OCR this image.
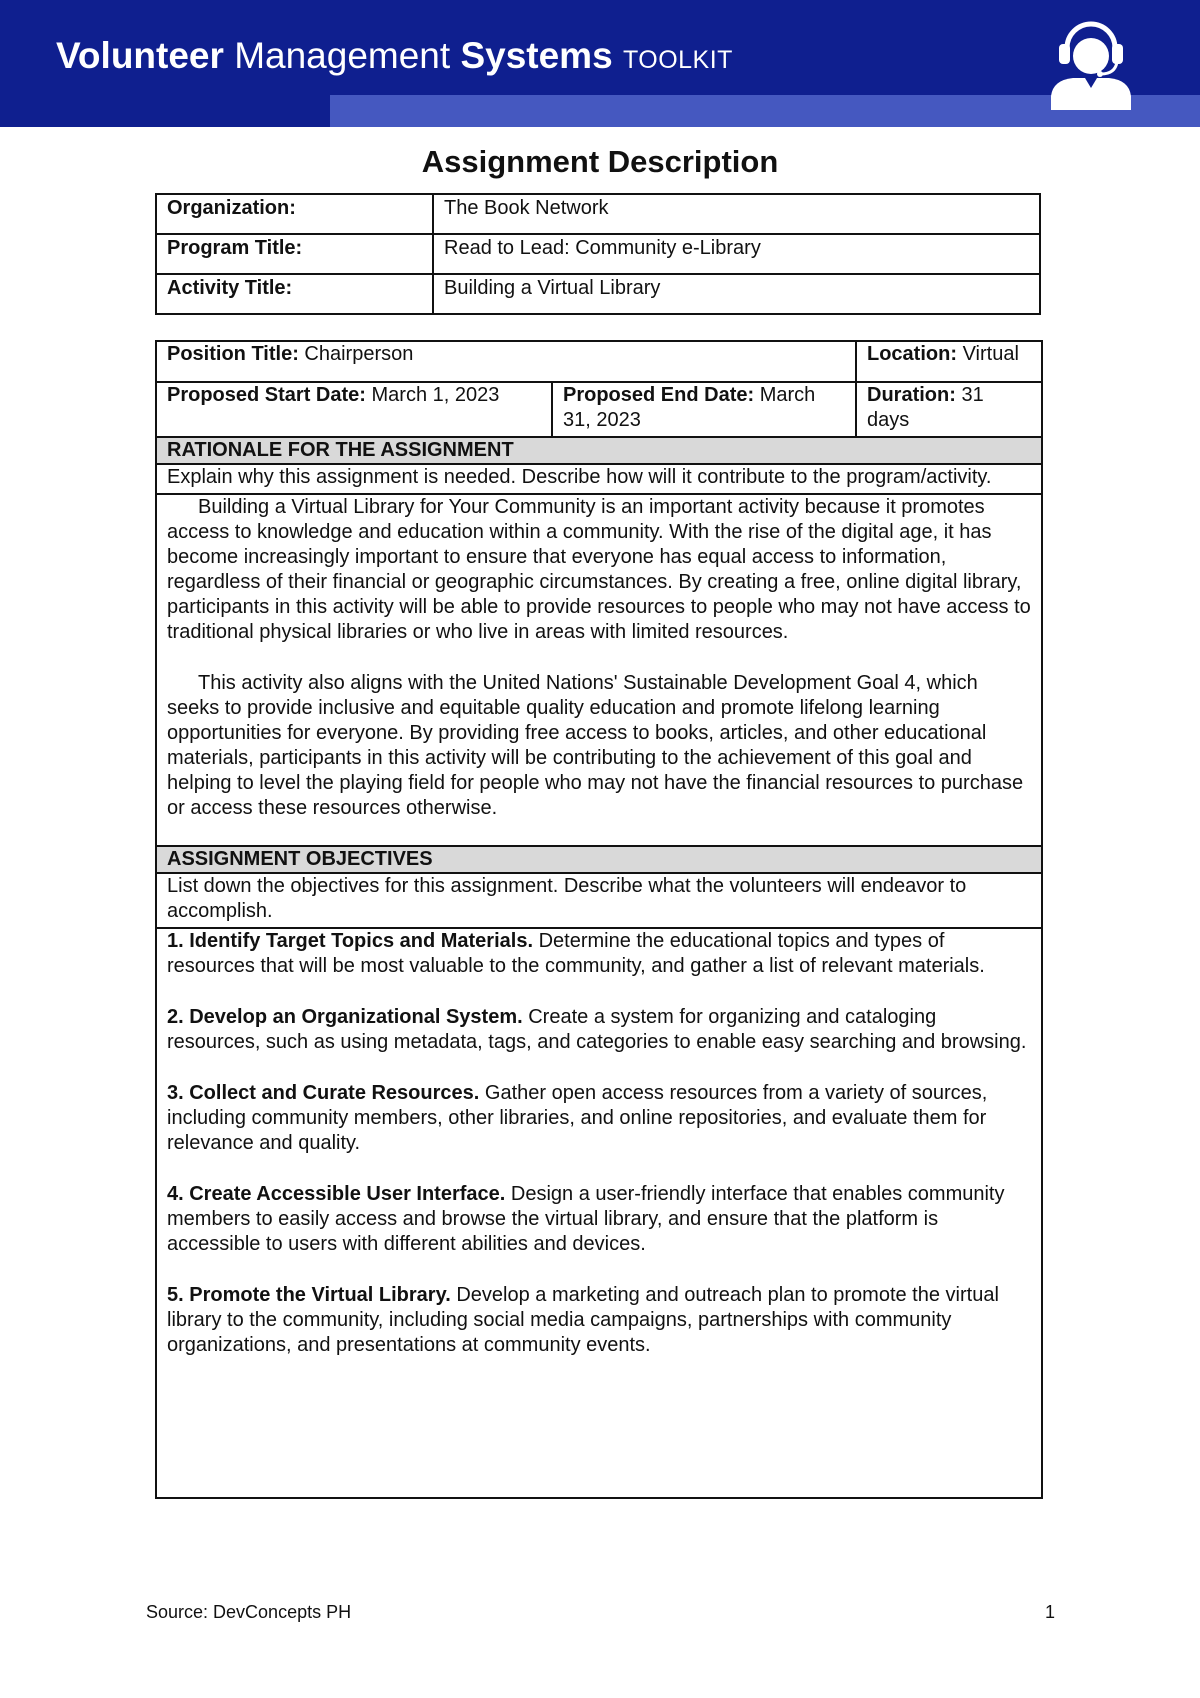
Volunteer Management Systems TOOLKIT
Assignment Description
Organization:	The Book Network
Program Title:	Read to Lead: Community e-Library
Activity Title:	Building a Virtual Library
Position Title: Chairperson		Location: Virtual
Proposed Start Date: March 1, 2023	Proposed End Date: March 31, 2023	Duration: 31 days
RATIONALE FOR THE ASSIGNMENT		
Explain why this assignment is needed. Describe how will it contribute to the program/activity.		

Building a Virtual Library for Your Community is an important activity because it promotes access to knowledge and education within a community. With the rise of the digital age, it has become increasingly important to ensure that everyone has equal access to information, regardless of their financial or geographic circumstances. By creating a free, online digital library, participants in this activity will be able to provide resources to people who may not have access to traditional physical libraries or who live in areas with limited resources.

This activity also aligns with the United Nations' Sustainable Development Goal 4, which seeks to provide inclusive and equitable quality education and promote lifelong learning opportunities for everyone. By providing free access to books, articles, and other educational materials, participants in this activity will be contributing to the achievement of this goal and helping to level the playing field for people who may not have the financial resources to purchase or access these resources otherwise.		

ASSIGNMENT OBJECTIVES		
List down the objectives for this assignment. Describe what the volunteers will endeavor to accomplish.		

1. Identify Target Topics and Materials. Determine the educational topics and types of resources that will be most valuable to the community, and gather a list of relevant materials.

2. Develop an Organizational System. Create a system for organizing and cataloging resources, such as using metadata, tags, and categories to enable easy searching and browsing.

3. Collect and Curate Resources. Gather open access resources from a variety of sources, including community members, other libraries, and online repositories, and evaluate them for relevance and quality.

4. Create Accessible User Interface. Design a user-friendly interface that enables community members to easily access and browse the virtual library, and ensure that the platform is accessible to users with different abilities and devices.

5. Promote the Virtual Library. Develop a marketing and outreach plan to promote the virtual library to the community, including social media campaigns, partnerships with community organizations, and presentations at community events.		

Source: DevConcepts PH	1
